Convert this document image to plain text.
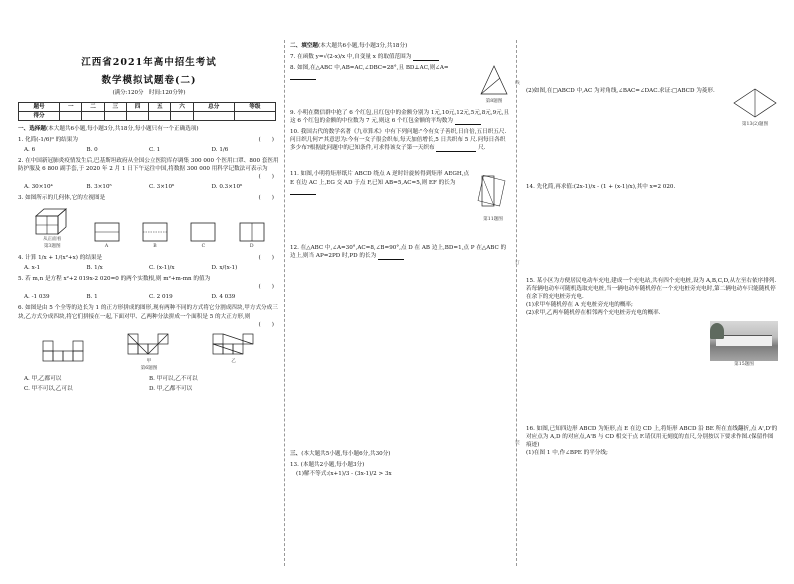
线
订
装
江西省2021年高中招生考试
数学模拟试题卷(二)
(满分:120分　时间:120分钟)
题号	一	二	三	四	五	六	总分	等级
得分								
一、选择题(本大题共6小题,每小题3分,共18分,每小题只有一个正确选项)
(　　)
1. 化简(-1/6)⁰ 的结果为
A. 6	B. 0	C. 1	D. 1/6
2. 在中国新冠肺炎疫情发生后,巴基斯坦政府从全国公立医院库存调集 300 000 个医用口罩、800 套医用防护服及 6 800 副手套,于 2020 年 2 月 1 日下午运往中国,将数据 300 000 用科学记数法可表示为
(　　)
A. 30×10⁴	B. 3×10⁵	C. 3×10⁶	D. 0.3×10⁶
(　　)
3. 如图所示的几何体,它的左视图是
从正面看
第3题图	A	B	C	D
(　　)
4. 计算 1/x + 1/(x²+x) 的结果是
A. x-1	B. 1/x	C. (x-1)/x	D. x/(x-1)
5. 若 m,n 是方程 x²+2 019x-2 020=0 的两个实数根,则 m²+m-mn 的值为
(　　)
A. -1 039	B. 1	C. 2 019	D. 4 039
6. 如图是由 5 个全等的边长为 1 的正方形拼成的图形,现有两种不同的方式将它分割成四块,甲方式分成三块,乙方式分成四块,将它们拼接在一起,下面对甲、乙两种分法拼成一个面积是 5 的大正方形,则
(　　)
甲	乙
第6题图
A. 甲,乙都可以	B. 甲可以,乙不可以
C. 甲不可以,乙可以	D. 甲,乙都不可以
二、填空题(本大题共6小题,每小题3分,共18分)
7. 在函数 y=√(2-x)/x 中,自变量 x 的取值范围为
第8题图
8. 如图,在△ABC 中,AB=AC,∠DBC=28°,且 BD⊥AC,则∠A=
9. 小明在微信群中抢了 6 个红包,且红包中的金额分别为 1元,10元,12元,5元,8元,9元,且这 6 个红包的金额的中位数为 7 元,则这 6 个红包金额的平均数为
10. 我国古代的数学名著《九章算术》中有下列问题:"今有女子善织,日自倍,五日织五尺.问日织几何?"其意思为:今有一女子很会织布,每天加倍增长,5 日共织布 5 尺.问每日各织多少布?根据此问题中的已知条件,可求得该女子第一天织布	尺.
第11题图
11. 如图,小明将矩形纸片 ABCD 绕点 A 逆时针旋转得到矩形 AEGH,点 E 在边 AC 上,EG 交 AD 于点 F,已知 AB=5,AC=5,则 EF 的长为
12. 在△ABC 中,∠A=30°,AC=8,∠B=90°,点 D 在 AB 边上,BD=1,点 P 在△ABC 的边上,则当 AP=2PD 时,PD 的长为
三、(本大题共5小题,每小题6分,共30分)
13. (本题共2小题,每小题3分)
(1)解不等式:(x+1)/3 - (3x-1)/2 > 3x
第13(2)题图
(2)如图,在□ABCD 中,AC 为对角线,∠BAC=∠DAC.求证:□ABCD 为菱形.
14. 先化简,再求值:(2x-1)/x - (1 + (x-1)/x),其中 x=2 020.
15. 某小区为方便居民电动车充电,建成一个充电站,共有四个充电桩,设为 A,B,C,D,从左至右依序排列.若每辆电动车可随机选取充电桩,当一辆电动车随机停在一个充电桩旁充电时,第二辆电动车只能随机停在余下的充电桩旁充电.
(1)求甲车随机停在 A 充电桩旁充电的概率;
(2)求甲,乙两车随机停在相邻两个充电桩旁充电的概率.
第15题图
16. 如图,已知四边形 ABCD 为矩形,点 E 在边 CD 上,将矩形 ABCD 沿 BE 所在直线翻折,点 A',D'的对应点为 A,D 的对应点,A'B 与 CD 相交于点 F.请仅用无刻度的直尺,分别按以下要求作图.(保留作图痕迹)
(1)在图 1 中,作∠BPE 的平分线;
